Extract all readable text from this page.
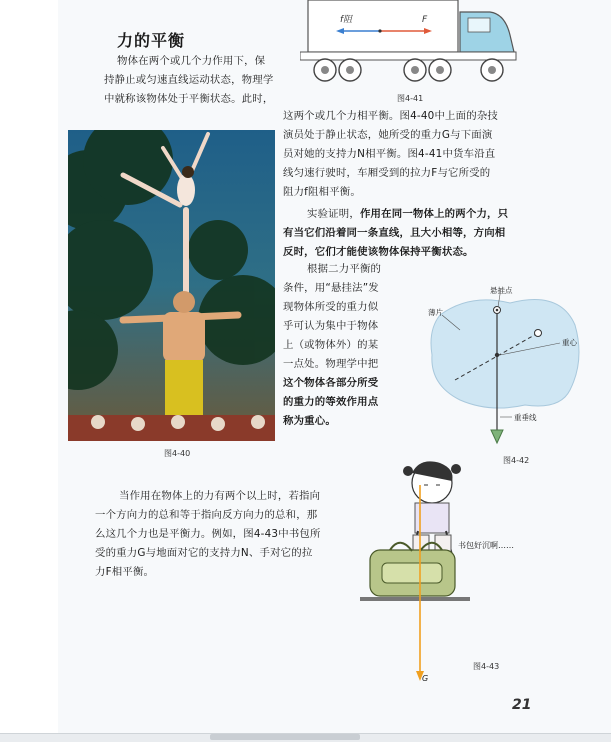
力的平衡
物体在两个或几个力作用下，保
持静止或匀速直线运动状态，物理学
中就称该物体处于平衡状态。此时，
f阻	F
图4-41
这两个或几个力相平衡。图4-40中上面的杂技
演员处于静止状态，她所受的重力G与下面演
员对她的支持力N相平衡。图4-41中货车沿直
线匀速行驶时，车厢受到的拉力F与它所受的
阻力f阻相平衡。
实验证明，作用在同一物体上的两个力，只
有当它们沿着同一条直线，且大小相等，方向相
反时，它们才能使该物体保持平衡状态。
图4-40
根据二力平衡的
条件，用“悬挂法”发
现物体所受的重力似
乎可认为集中于物体
上（或物体外）的某
一点处。物理学中把
这个物体各部分所受
的重力的等效作用点
称为重心。
悬挂点
薄片
重心
重垂线
图4-42
当作用在物体上的力有两个以上时，若指向
一个方向力的总和等于指向反方向力的总和，那
么这几个力也是平衡力。例如，图4-43中书包所
受的重力G与地面对它的支持力N、手对它的拉
力F相平衡。
G
书包好沉啊……
图4-43
21
